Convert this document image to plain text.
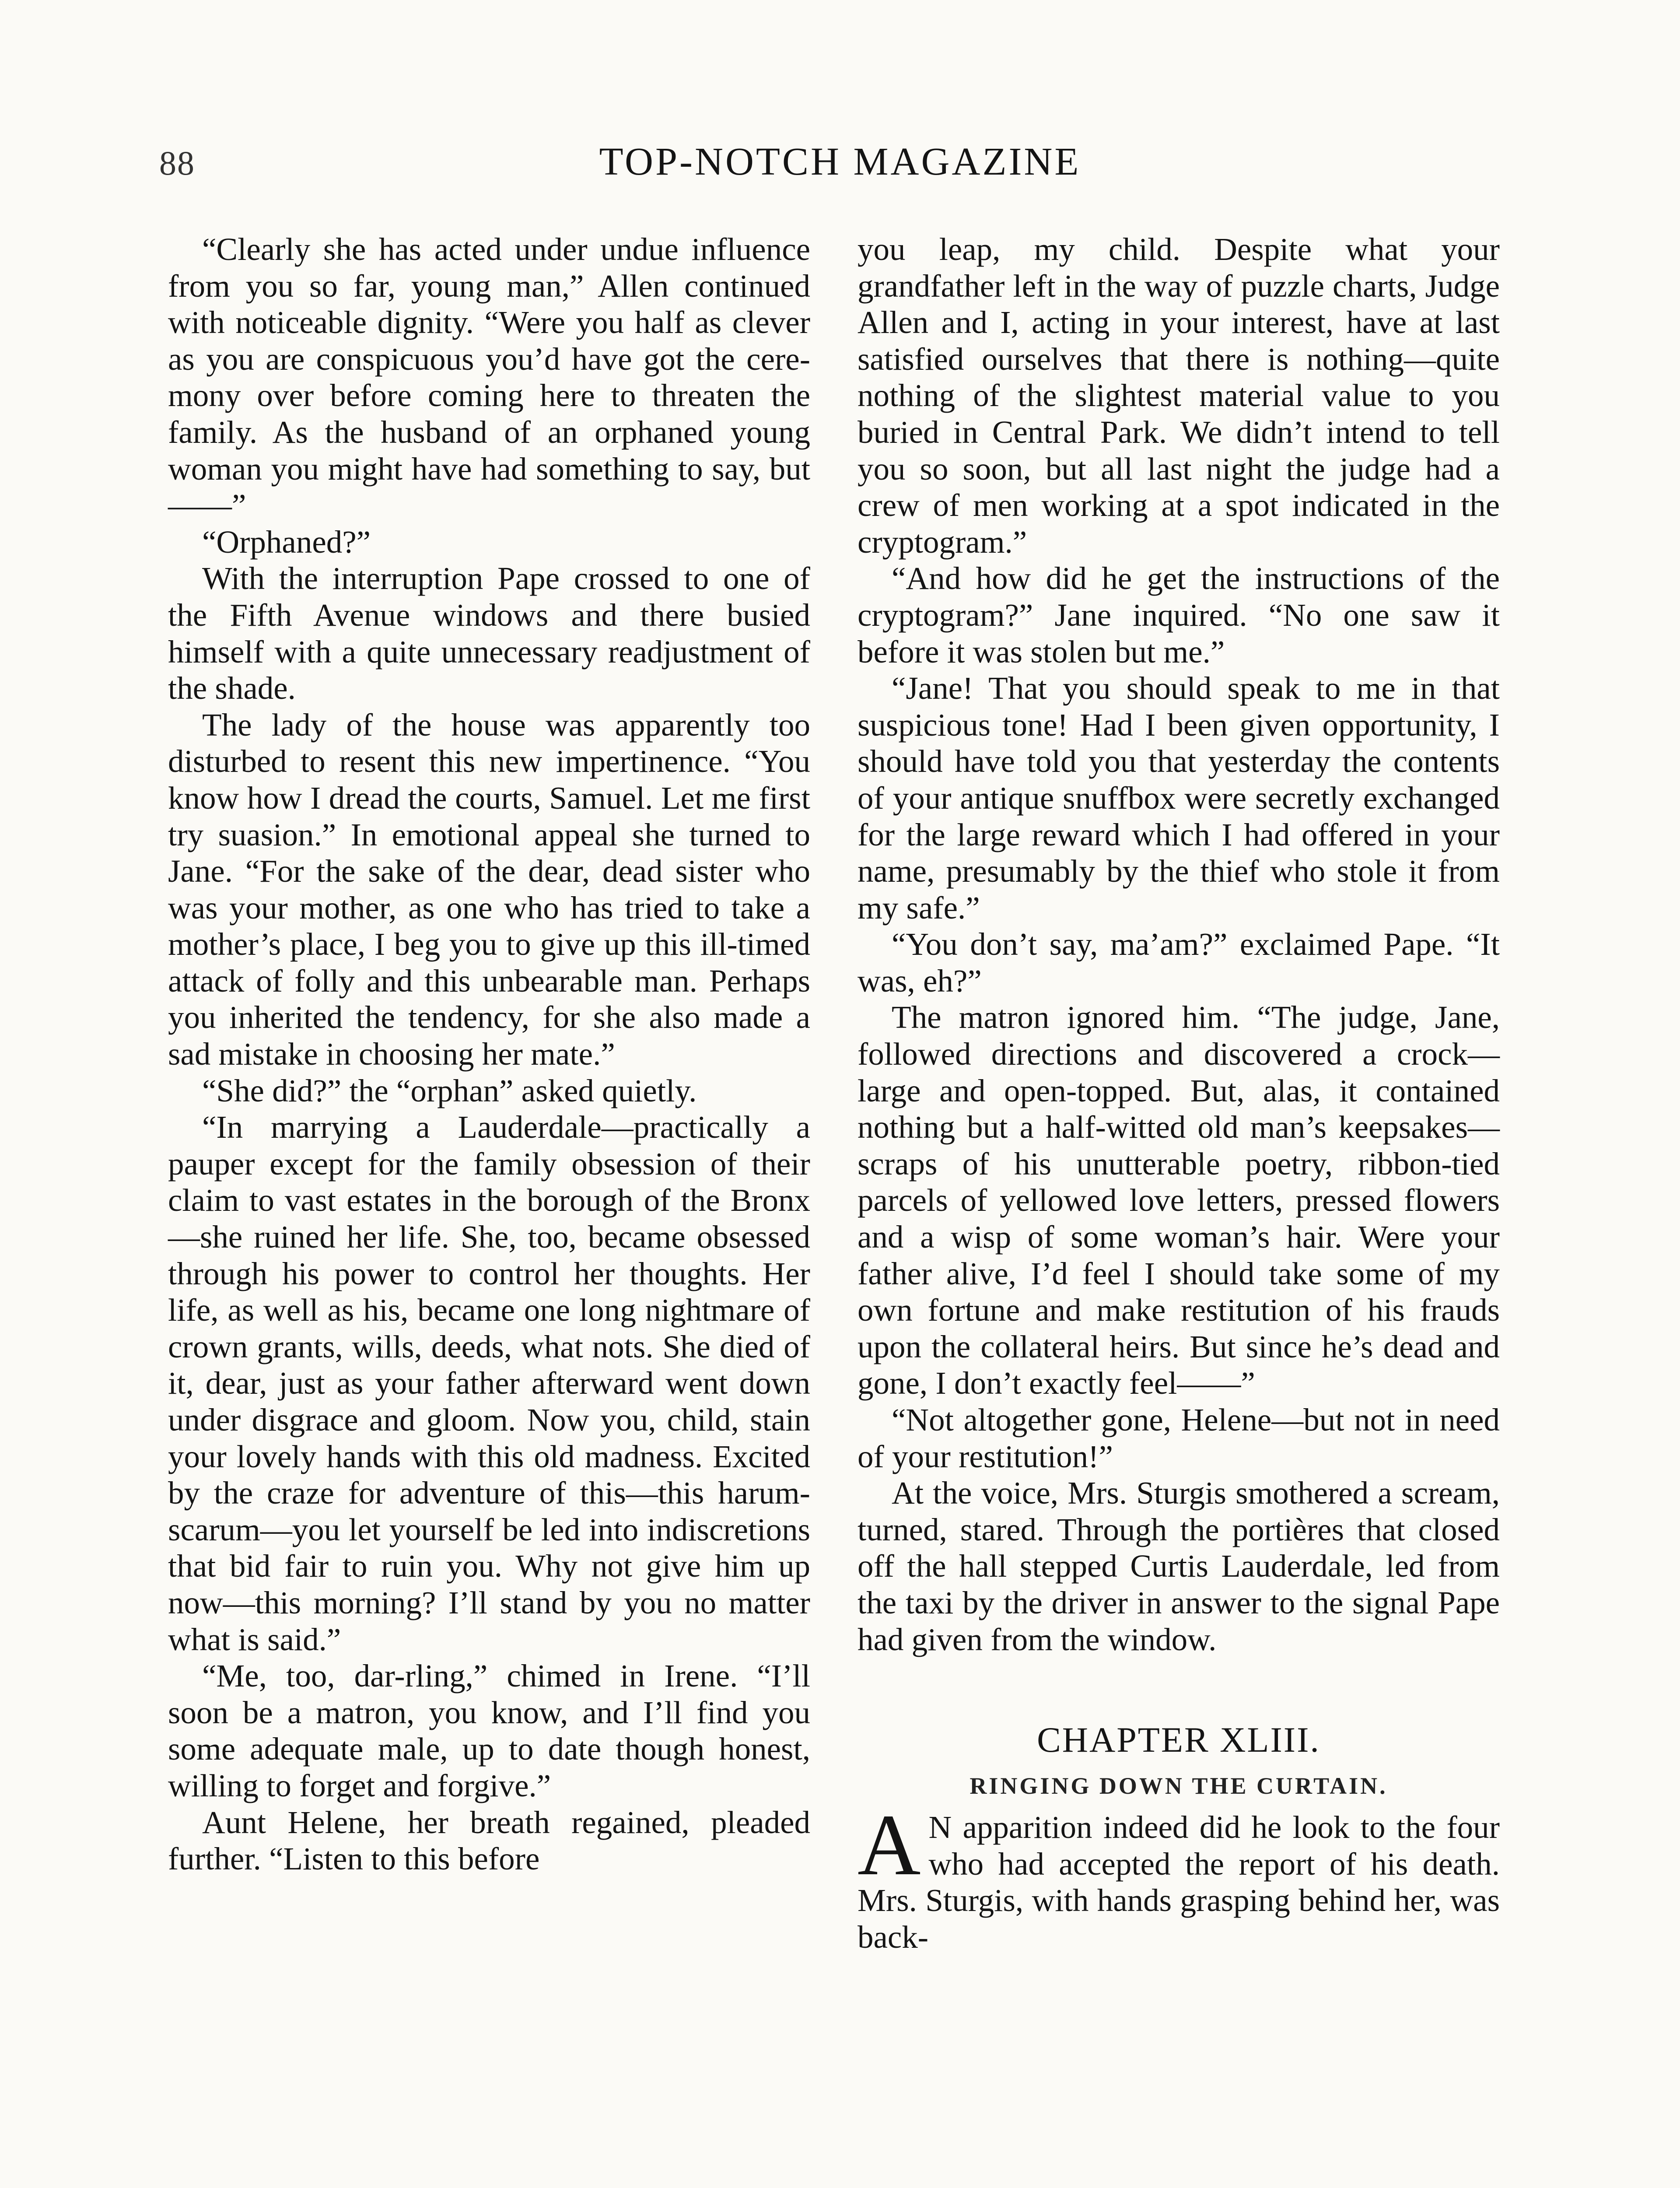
88	TOP-NOTCH MAGAZINE

“Clearly she has acted under undue influence from you so far, young man,” Allen continued with noticeable dignity. “Were you half as clever as you are conspicuous you’d have got the ceremony over before coming here to threaten the family. As the husband of an orphaned young woman you might have had something to say, but——”

“Orphaned?”

With the interruption Pape crossed to one of the Fifth Avenue windows and there busied himself with a quite unnecessary readjustment of the shade.

The lady of the house was apparently too disturbed to resent this new impertinence. “You know how I dread the courts, Samuel. Let me first try suasion.” In emotional appeal she turned to Jane. “For the sake of the dear, dead sister who was your mother, as one who has tried to take a mother’s place, I beg you to give up this ill-timed attack of folly and this unbearable man. Perhaps you inherited the tendency, for she also made a sad mistake in choosing her mate.”

“She did?” the “orphan” asked quietly.

“In marrying a Lauderdale—practically a pauper except for the family obsession of their claim to vast estates in the borough of the Bronx—she ruined her life. She, too, became obsessed through his power to control her thoughts. Her life, as well as his, became one long nightmare of crown grants, wills, deeds, what nots. She died of it, dear, just as your father afterward went down under disgrace and gloom. Now you, child, stain your lovely hands with this old madness. Excited by the craze for adventure of this—this harum-scarum—you let yourself be led into indiscretions that bid fair to ruin you. Why not give him up now—this morning? I’ll stand by you no matter what is said.”

“Me, too, dar-rling,” chimed in Irene. “I’ll soon be a matron, you know, and I’ll find you some adequate male, up to date though honest, willing to forget and forgive.”

Aunt Helene, her breath regained, pleaded further. “Listen to this before

you leap, my child. Despite what your grandfather left in the way of puzzle charts, Judge Allen and I, acting in your interest, have at last satisfied ourselves that there is nothing—quite nothing of the slightest material value to you buried in Central Park. We didn’t intend to tell you so soon, but all last night the judge had a crew of men working at a spot indicated in the cryptogram.”

“And how did he get the instructions of the cryptogram?” Jane inquired. “No one saw it before it was stolen but me.”

“Jane! That you should speak to me in that suspicious tone! Had I been given opportunity, I should have told you that yesterday the contents of your antique snuffbox were secretly exchanged for the large reward which I had offered in your name, presumably by the thief who stole it from my safe.”

“You don’t say, ma’am?” exclaimed Pape. “It was, eh?”

The matron ignored him. “The judge, Jane, followed directions and discovered a crock—large and open-topped. But, alas, it contained nothing but a half-witted old man’s keepsakes—scraps of his unutterable poetry, ribbon-tied parcels of yellowed love letters, pressed flowers and a wisp of some woman’s hair. Were your father alive, I’d feel I should take some of my own fortune and make restitution of his frauds upon the collateral heirs. But since he’s dead and gone, I don’t exactly feel——”

“Not altogether gone, Helene—but not in need of your restitution!”

At the voice, Mrs. Sturgis smothered a scream, turned, stared. Through the portières that closed off the hall stepped Curtis Lauderdale, led from the taxi by the driver in answer to the signal Pape had given from the window.

CHAPTER XLIII.
RINGING DOWN THE CURTAIN.

A N apparition indeed did he look to the four who had accepted the report of his death. Mrs. Sturgis, with hands grasping behind her, was back-
